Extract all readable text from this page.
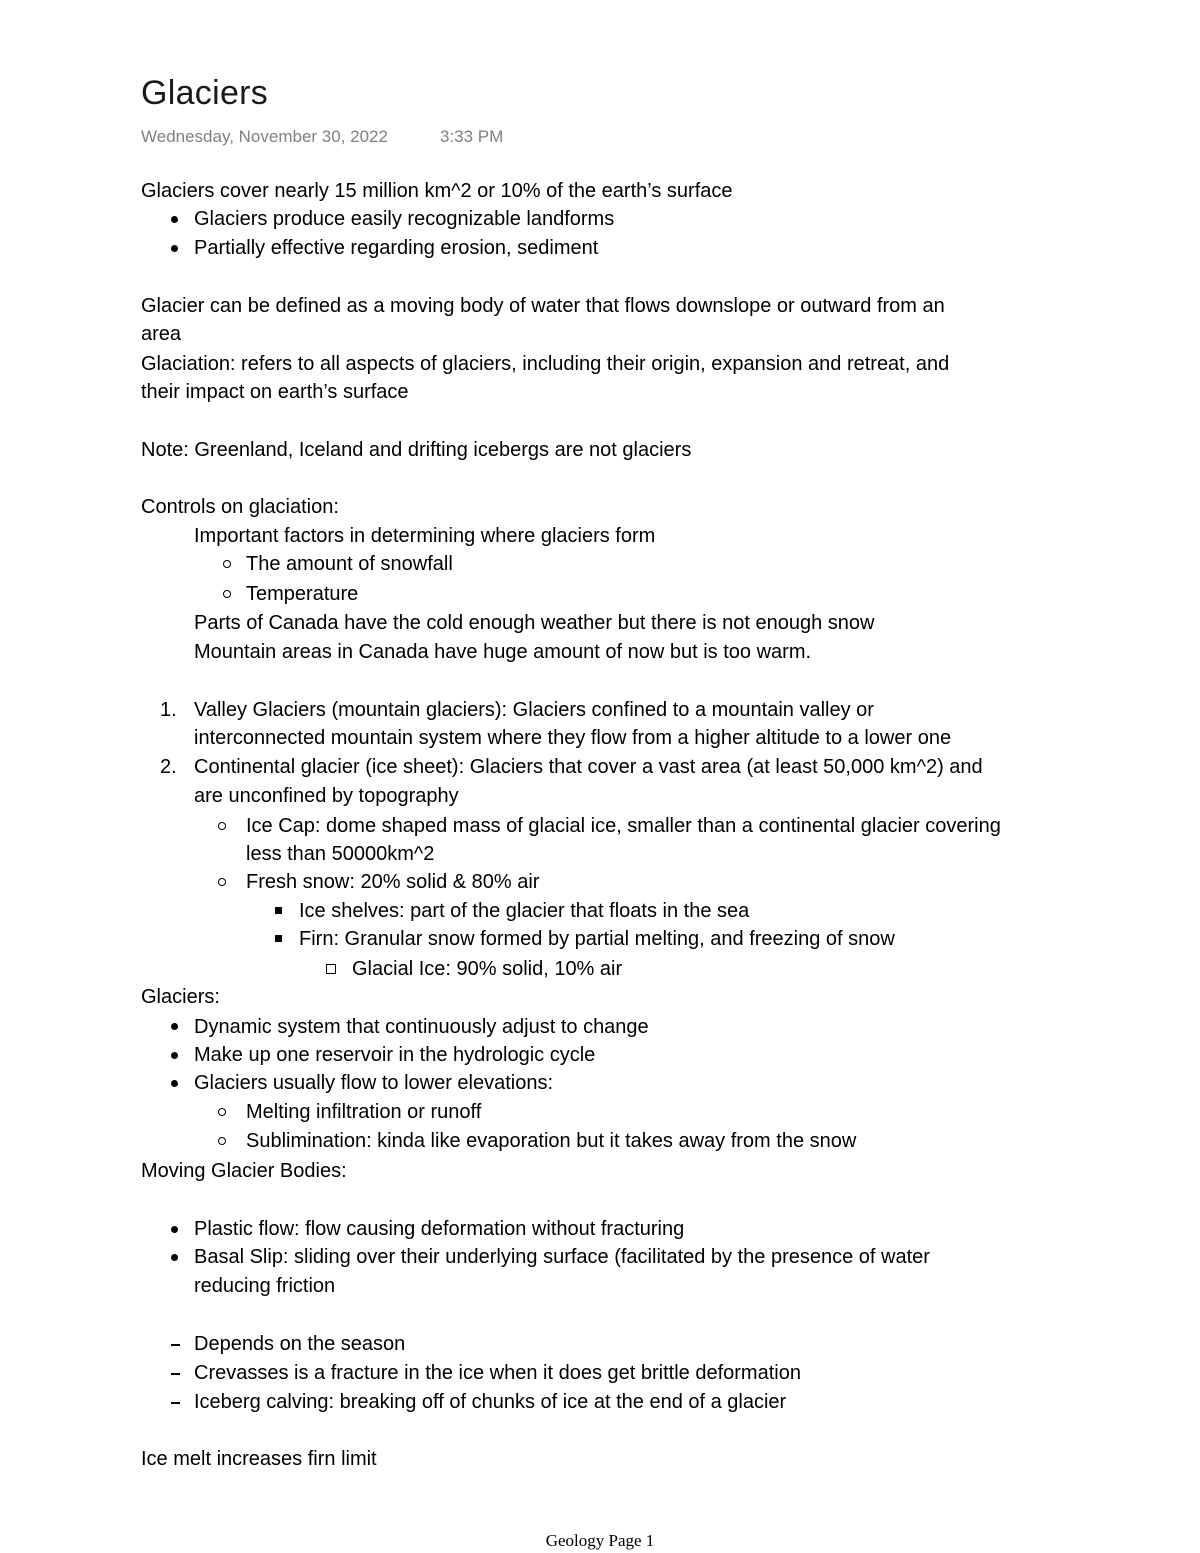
Glaciers
Wednesday, November 30, 2022	3:33 PM
Glaciers cover nearly 15 million km^2 or 10% of the earth’s surface
Glaciers produce easily recognizable landforms
Partially effective regarding erosion, sediment
Glacier can be defined as a moving body of water that flows downslope or outward from an
area
Glaciation: refers to all aspects of glaciers, including their origin, expansion and retreat, and
their impact on earth’s surface
Note: Greenland, Iceland and drifting icebergs are not glaciers
Controls on glaciation:
Important factors in determining where glaciers form
The amount of snowfall
Temperature
Parts of Canada have the cold enough weather but there is not enough snow
Mountain areas in Canada have huge amount of now but is too warm.
1. Valley Glaciers (mountain glaciers): Glaciers confined to a mountain valley or
interconnected mountain system where they flow from a higher altitude to a lower one
2. Continental glacier (ice sheet): Glaciers that cover a vast area (at least 50,000 km^2) and
are unconfined by topography
Ice Cap: dome shaped mass of glacial ice, smaller than a continental glacier covering
less than 50000km^2
Fresh snow: 20% solid & 80% air
Ice shelves: part of the glacier that floats in the sea
Firn: Granular snow formed by partial melting, and freezing of snow
Glacial Ice: 90% solid, 10% air
Glaciers:
Dynamic system that continuously adjust to change
Make up one reservoir in the hydrologic cycle
Glaciers usually flow to lower elevations:
Melting infiltration or runoff
Sublimination: kinda like evaporation but it takes away from the snow
Moving Glacier Bodies:
Plastic flow: flow causing deformation without fracturing
Basal Slip: sliding over their underlying surface (facilitated by the presence of water
reducing friction
Depends on the season
Crevasses is a fracture in the ice when it does get brittle deformation
Iceberg calving: breaking off of chunks of ice at the end of a glacier
Ice melt increases firn limit
Geology Page 1
